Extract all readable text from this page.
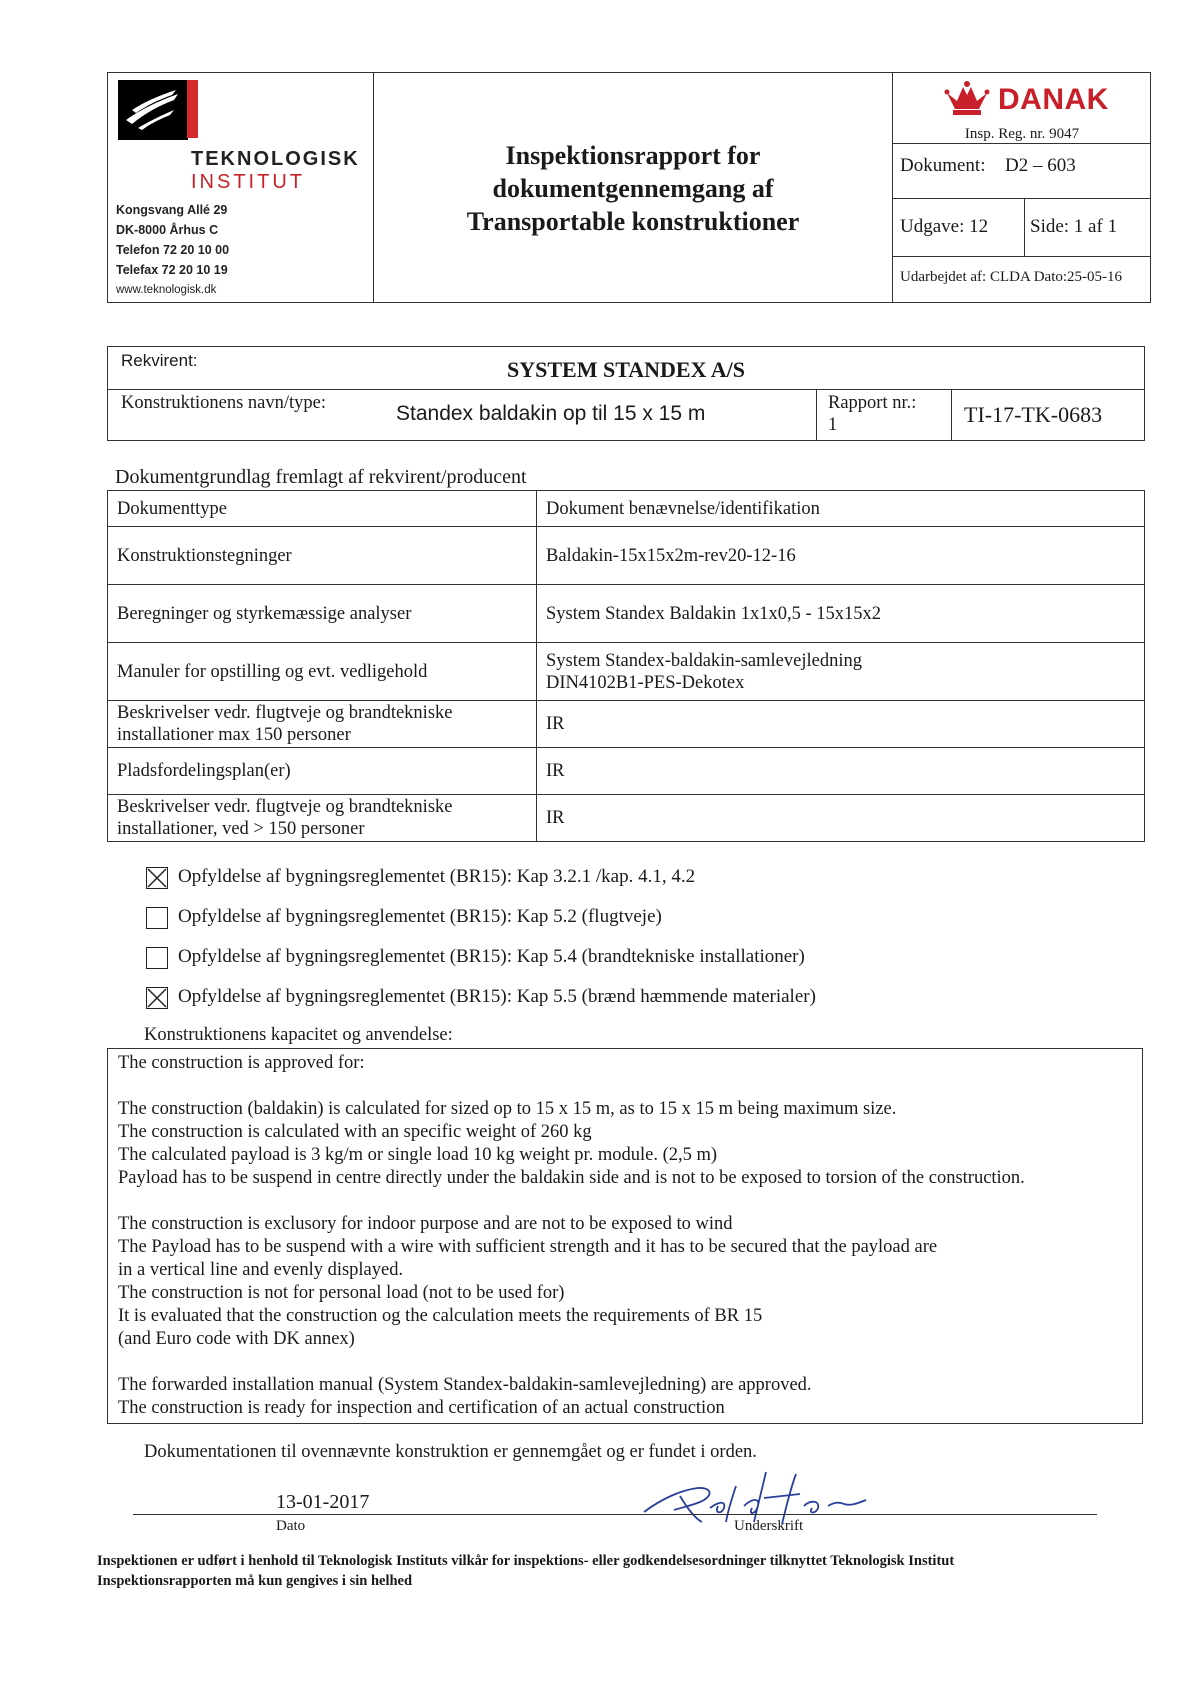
TEKNOLOGISK
INSTITUT
Kongsvang Allé 29
DK-8000 Århus C
Telefon 72 20 10 00
Telefax 72 20 10 19
www.teknologisk.dk
Inspektionsrapport for
dokumentgennemgang af
Transportable konstruktioner
DANAK
Insp. Reg. nr. 9047
Dokument: D2 – 603
Udgave: 12 Side: 1 af 1
Udarbejdet af: CLDA Dato:25-05-16
Rekvirent:	SYSTEM STANDEX A/S
Konstruktionens navn/type:	Standex baldakin op til 15 x 15 m	Rapport nr.:
1	TI-17-TK-0683
Dokumentgrundlag fremlagt af rekvirent/producent
Dokumenttype	Dokument benævnelse/identifikation

Konstruktionstegninger	Baldakin-15x15x2m-rev20-12-16

Beregninger og styrkemæssige analyser	System Standex Baldakin 1x1x0,5 - 15x15x2

Manuler for opstilling og evt. vedligehold	System Standex-baldakin-samlevejledning
DIN4102B1-PES-Dekotex

Beskrivelser vedr. flugtveje og brandtekniske
installationer max 150 personer	IR

Pladsfordelingsplan(er)	IR

Beskrivelser vedr. flugtveje og brandtekniske
installationer, ved > 150 personer	IR
Opfyldelse af bygningsreglementet (BR15): Kap 3.2.1 /kap. 4.1, 4.2
Opfyldelse af bygningsreglementet (BR15): Kap 5.2 (flugtveje)
Opfyldelse af bygningsreglementet (BR15): Kap 5.4 (brandtekniske installationer)
Opfyldelse af bygningsreglementet (BR15): Kap 5.5 (brænd hæmmende materialer)
Konstruktionens kapacitet og anvendelse:
The construction is approved for:
The construction (baldakin) is calculated for sized op to 15 x 15 m, as to 15 x 15 m being maximum size.
The construction is calculated with an specific weight of 260 kg
The calculated payload is 3 kg/m or single load 10 kg weight pr. module. (2,5 m)
Payload has to be suspend in centre directly under the baldakin side and is not to be exposed to torsion of the construction.
The construction is exclusory for indoor purpose and are not to be exposed to wind
The Payload has to be suspend with a wire with sufficient strength and it has to be secured that the payload are
in a vertical line and evenly displayed.
The construction is not for personal load (not to be used for)
It is evaluated that the construction og the calculation meets the requirements of BR 15
(and Euro code with DK annex)
The forwarded installation manual (System Standex-baldakin-samlevejledning) are approved.
The construction is ready for inspection and certification of an actual construction
Dokumentationen til ovennævnte konstruktion er gennemgået og er fundet i orden.
13-01-2017
Dato	Underskrift
Inspektionen er udført i henhold til Teknologisk Instituts vilkår for inspektions- eller godkendelsesordninger tilknyttet Teknologisk Institut
Inspektionsrapporten må kun gengives i sin helhed
